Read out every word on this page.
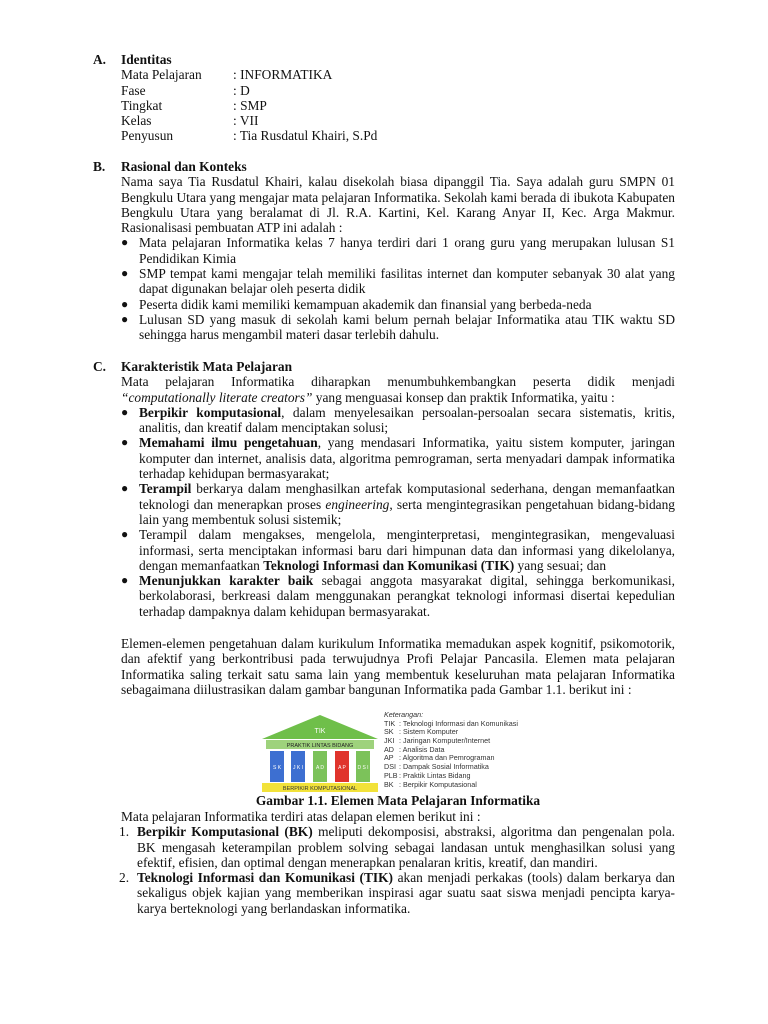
A. Identitas
Mata Pelajaran : INFORMATIKA
Fase	: D
Tingkat	: SMP
Kelas	: VII
Penyusun	: Tia Rusdatul Khairi, S.Pd
B. Rasional dan Konteks
Nama saya Tia Rusdatul Khairi, kalau disekolah biasa dipanggil Tia. Saya adalah guru SMPN 01 Bengkulu Utara yang mengajar mata pelajaran Informatika. Sekolah kami berada di ibukota Kabupaten Bengkulu Utara yang beralamat di Jl. R.A. Kartini, Kel. Karang Anyar II, Kec. Arga Makmur. Rasionalisasi pembuatan ATP ini adalah :
● Mata pelajaran Informatika kelas 7 hanya terdiri dari 1 orang guru yang merupakan lulusan S1 Pendidikan Kimia
● SMP tempat kami mengajar telah memiliki fasilitas internet dan komputer sebanyak 30 alat yang dapat digunakan belajar oleh peserta didik
● Peserta didik kami memiliki kemampuan akademik dan finansial yang berbeda-neda
● Lulusan SD yang masuk di sekolah kami belum pernah belajar Informatika atau TIK waktu SD sehingga harus mengambil materi dasar terlebih dahulu.
C. Karakteristik Mata Pelajaran
Mata pelajaran Informatika diharapkan menumbuhkembangkan peserta didik menjadi
“computationally literate creators” yang menguasai konsep dan praktik Informatika, yaitu :
● Berpikir komputasional, dalam menyelesaikan persoalan-persoalan secara sistematis, kritis, analitis, dan kreatif dalam menciptakan solusi;
● Memahami ilmu pengetahuan, yang mendasari Informatika, yaitu sistem komputer, jaringan komputer dan internet, analisis data, algoritma pemrograman, serta menyadari dampak informatika terhadap kehidupan bermasyarakat;
● Terampil berkarya dalam menghasilkan artefak komputasional sederhana, dengan memanfaatkan teknologi dan menerapkan proses engineering, serta mengintegrasikan pengetahuan bidang-bidang lain yang membentuk solusi sistemik;
● Terampil dalam mengakses, mengelola, menginterpretasi, mengintegrasikan, mengevaluasi informasi, serta menciptakan informasi baru dari himpunan data dan informasi yang dikelolanya, dengan memanfaatkan Teknologi Informasi dan Komunikasi (TIK) yang sesuai; dan
● Menunjukkan karakter baik sebagai anggota masyarakat digital, sehingga berkomunikasi, berkolaborasi, berkreasi dalam menggunakan perangkat teknologi informasi disertai kepedulian terhadap dampaknya dalam kehidupan bermasyarakat.
Elemen-elemen pengetahuan dalam kurikulum Informatika memadukan aspek kognitif, psikomotorik, dan afektif yang berkontribusi pada terwujudnya Profi Pelajar Pancasila. Elemen mata pelajaran Informatika saling terkait satu sama lain yang membentuk keseluruhan mata pelajaran Informatika sebagaimana diilustrasikan dalam gambar bangunan Informatika pada Gambar 1.1. berikut ini :
TIK
PRAKTIK LINTAS BIDANG
S K J K I	A D	A P D S I
BERPIKIR KOMPUTASIONAL
Keterangan:
TIK : Teknologi Informasi dan Komunikasi
SK : Sistem Komputer
JKI : Jaringan Komputer/Internet
AD : Analisis Data
AP : Algoritma dan Pemrograman
DSI : Dampak Sosial Informatika
PLB : Praktik Lintas Bidang
BK : Berpikir Komputasional
Gambar 1.1. Elemen Mata Pelajaran Informatika
Mata pelajaran Informatika terdiri atas delapan elemen berikut ini :
1. Berpikir Komputasional (BK) meliputi dekomposisi, abstraksi, algoritma dan pengenalan pola. BK mengasah keterampilan problem solving sebagai landasan untuk menghasilkan solusi yang efektif, efisien, dan optimal dengan menerapkan penalaran kritis, kreatif, dan mandiri.
2. Teknologi Informasi dan Komunikasi (TIK) akan menjadi perkakas (tools) dalam berkarya dan sekaligus objek kajian yang memberikan inspirasi agar suatu saat siswa menjadi pencipta karya-karya berteknologi yang berlandaskan informatika.
